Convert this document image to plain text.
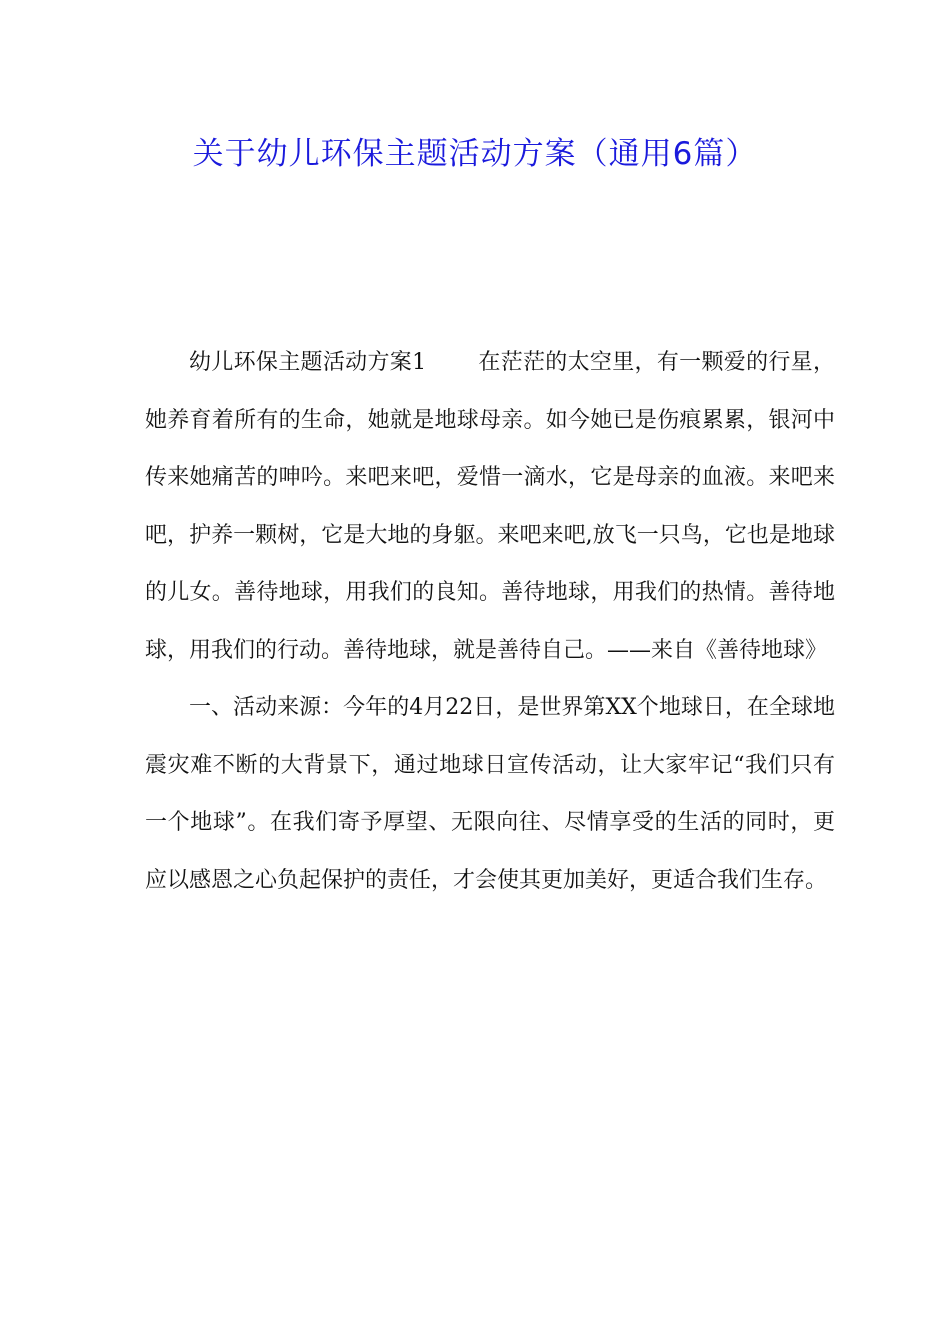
关于幼儿环保主题活动方案（通用6篇）

幼儿环保主题活动方案1 在茫茫的太空里，有一颗爱的行星，她养育着所有的生命，她就是地球母亲。如今她已是伤痕累累，银河中传来她痛苦的呻吟。来吧来吧，爱惜一滴水，它是母亲的血液。来吧来吧，护养一颗树，它是大地的身躯。来吧来吧,放飞一只鸟，它也是地球的儿女。善待地球，用我们的良知。善待地球，用我们的热情。善待地球，用我们的行动。善待地球，就是善待自己。——来自《善待地球》

一、活动来源：今年的4月22日，是世界第XX个地球日，在全球地震灾难不断的大背景下，通过地球日宣传活动，让大家牢记“我们只有一个地球”。在我们寄予厚望、无限向往、尽情享受的生活的同时，更应以感恩之心负起保护的责任，才会使其更加美好，更适合我们生存。
